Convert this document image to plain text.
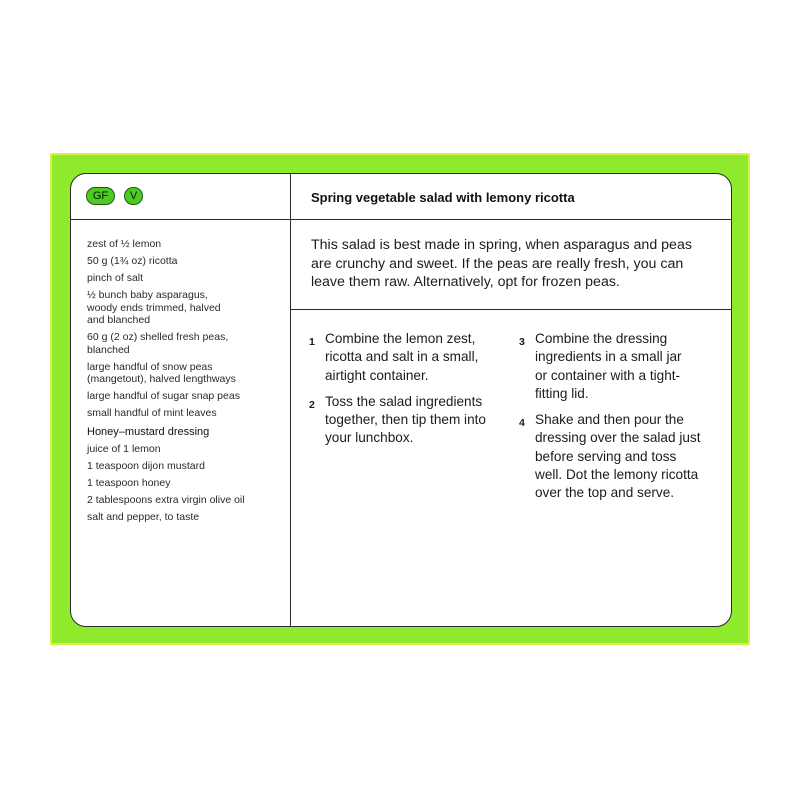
GF	V	Spring vegetable salad with lemony ricotta
This salad is best made in spring, when asparagus and peas are crunchy and sweet. If the peas are really fresh, you can leave them raw. Alternatively, opt for frozen peas.
zest of ½ lemon
50 g (1¾ oz) ricotta
pinch of salt
½ bunch baby asparagus, woody ends trimmed, halved and blanched
60 g (2 oz) shelled fresh peas, blanched
large handful of snow peas (mangetout), halved lengthways
large handful of sugar snap peas
small handful of mint leaves
Honey–mustard dressing
juice of 1 lemon
1 teaspoon dijon mustard
1 teaspoon honey
2 tablespoons extra virgin olive oil
salt and pepper, to taste
1 Combine the lemon zest, ricotta and salt in a small, airtight container.
2 Toss the salad ingredients together, then tip them into your lunchbox.
3 Combine the dressing ingredients in a small jar or container with a tight-fitting lid.
4 Shake and then pour the dressing over the salad just before serving and toss well. Dot the lemony ricotta over the top and serve.
